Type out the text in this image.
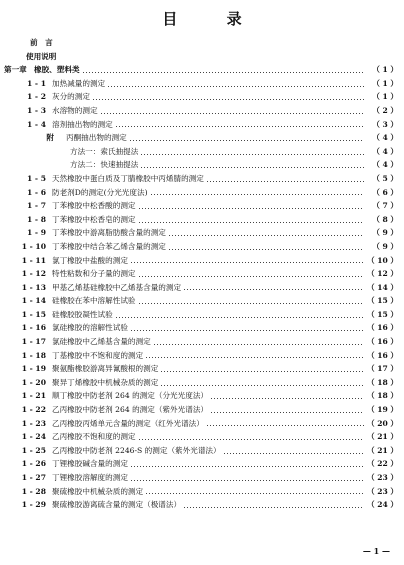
目 录
前　言
使用说明
第一章 橡胶、塑料类	（ 1 ）
1 - 1 加热减量的测定	（ 1 ）
1 - 2 灰分的测定	（ 1 ）
1 - 3 水溶物的测定	（ 2 ）
1 - 4 溶剂抽出物的测定	（ 3 ）
附 丙酮抽出物的测定	（ 4 ）
方法一：索氏抽提法	（ 4 ）
方法二：快速抽提法	（ 4 ）
1 - 5 天然橡胶中蛋白质及丁腈橡胶中丙烯腈的测定	（ 5 ）
1 - 6 防老剂D的测定(分光光度法)	（ 6 ）
1 - 7 丁苯橡胶中松香酸的测定	（ 7 ）
1 - 8 丁苯橡胶中松香皂的测定	（ 8 ）
1 - 9 丁苯橡胶中游离脂肪酸含量的测定	（ 9 ）
1 - 10 丁苯橡胶中结合苯乙烯含量的测定	（ 9 ）
1 - 11 氯丁橡胶中盐酸的测定	（ 10 ）
1 - 12 特性粘数和分子量的测定	（ 12 ）
1 - 13 甲基乙烯基硅橡胶中乙烯基含量的测定	（ 14 ）
1 - 14 硅橡胶在苯中溶解性试验	（ 15 ）
1 - 15 硅橡胶胶凝性试验	（ 15 ）
1 - 16 氯硅橡胶的溶解性试验	（ 16 ）
1 - 17 氯硅橡胶中乙烯基含量的测定	（ 16 ）
1 - 18 丁基橡胶中不饱和度的测定	（ 16 ）
1 - 19 聚氨酯橡胶游离异氰酸根的测定	（ 17 ）
1 - 20 聚异丁烯橡胶中机械杂质的测定	（ 18 ）
1 - 21 顺丁橡胶中防老剂 264 的测定（分光光度法）	（ 18 ）
1 - 22 乙丙橡胶中防老剂 264 的测定（紫外光谱法）	（ 19 ）
1 - 23 乙丙橡胶丙烯单元含量的测定（红外光谱法）	（ 20 ）
1 - 24 乙丙橡胶不饱和度的测定	（ 21 ）
1 - 25 乙丙橡胶中防老剂 2246-S 的测定（紫外光谱法）	（ 21 ）
1 - 26 丁锂橡胶碱含量的测定	（ 22 ）
1 - 27 丁锂橡胶溶解度的测定	（ 23 ）
1 - 28 聚硫橡胶中机械杂质的测定	（ 23 ）
1 - 29 聚硫橡胶游离硫含量的测定（极谱法）	（ 24 ）
— 1 —
